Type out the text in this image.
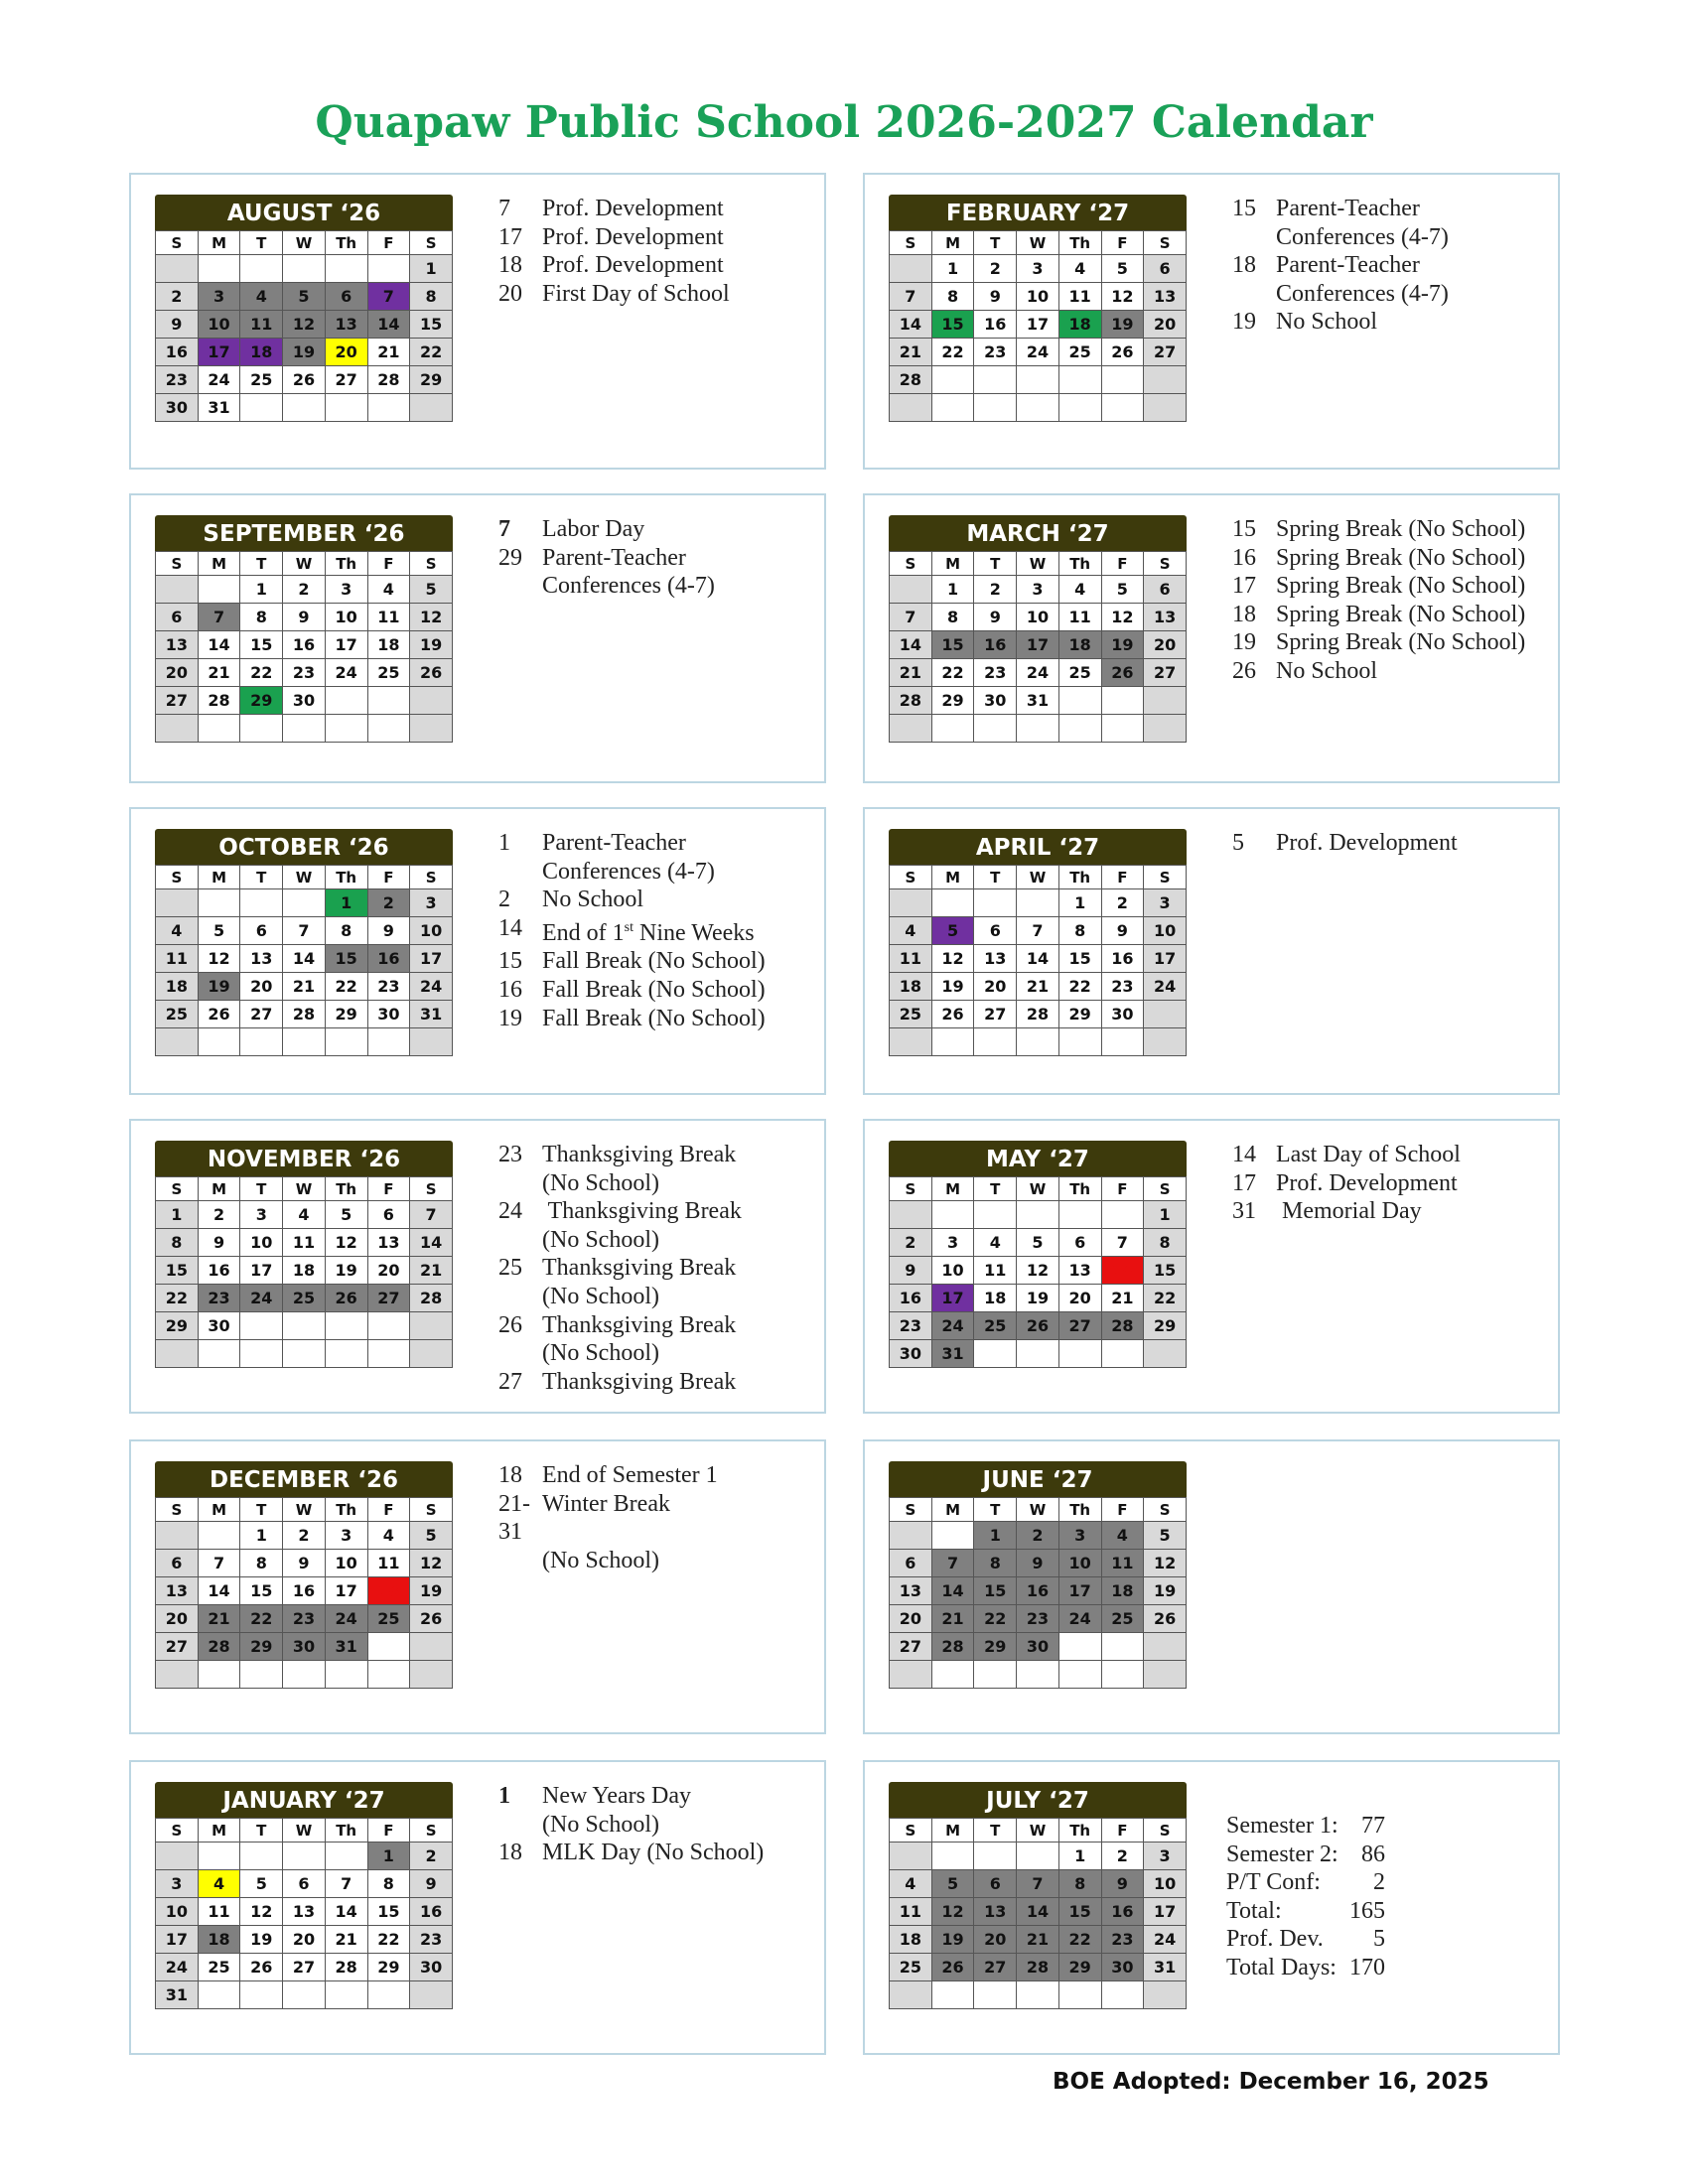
Quapaw Public School 2026-2027 Calendar
AUGUST ‘26
S	M	T	W	Th	F	S
						1
2	3	4	5	6	7	8
9	10	11	12	13	14	15
16	17	18	19	20	21	22
23	24	25	26	27	28	29
30	31					
7	Prof. Development
17 Prof. Development
18 Prof. Development
20 First Day of School
FEBRUARY ‘27
S	M	T	W	Th	F	S
	1	2	3	4	5	6
7	8	9	10	11	12	13
14	15	16	17	18	19	20
21	22	23	24	25	26	27
28						

15 Parent-Teacher
Conferences (4-7)
18 Parent-Teacher
Conferences (4-7)
19 No School
SEPTEMBER ‘26
S	M	T	W	Th	F	S
		1	2	3	4	5
6	7	8	9	10	11	12
13	14	15	16	17	18	19
20	21	22	23	24	25	26
27	28	29	30			

7	Labor Day
29 Parent-Teacher
Conferences (4-7)
MARCH ‘27
S	M	T	W	Th	F	S
	1	2	3	4	5	6
7	8	9	10	11	12	13
14	15	16	17	18	19	20
21	22	23	24	25	26	27
28	29	30	31			

15 Spring Break (No School)
16 Spring Break (No School)
17 Spring Break (No School)
18 Spring Break (No School)
19 Spring Break (No School)
26 No School
OCTOBER ‘26
S	M	T	W	Th	F	S
				1	2	3
4	5	6	7	8	9	10
11	12	13	14	15	16	17
18	19	20	21	22	23	24
25	26	27	28	29	30	31

1	Parent-Teacher
Conferences (4-7)
2	No School
14 End of 1st Nine Weeks
15 Fall Break (No School)
16 Fall Break (No School)
19 Fall Break (No School)
APRIL ‘27
S	M	T	W	Th	F	S
				1	2	3
4	5	6	7	8	9	10
11	12	13	14	15	16	17
18	19	20	21	22	23	24
25	26	27	28	29	30	

5	Prof. Development
NOVEMBER ‘26
S	M	T	W	Th	F	S
1	2	3	4	5	6	7
8	9	10	11	12	13	14
15	16	17	18	19	20	21
22	23	24	25	26	27	28
29	30					

23 Thanksgiving Break
(No School)
24 Thanksgiving Break
(No School)
25 Thanksgiving Break
(No School)
26 Thanksgiving Break
(No School)
27 Thanksgiving Break
MAY ‘27
S	M	T	W	Th	F	S
						1
2	3	4	5	6	7	8
9	10	11	12	13	14	15
16	17	18	19	20	21	22
23	24	25	26	27	28	29
30	31					
14 Last Day of School
17 Prof. Development
31 Memorial Day
DECEMBER ‘26
S	M	T	W	Th	F	S
		1	2	3	4	5
6	7	8	9	10	11	12
13	14	15	16	17	18	19
20	21	22	23	24	25	26
27	28	29	30	31		

18 End of Semester 1
21-31
Winter Break
(No School)
JUNE ‘27
S	M	T	W	Th	F	S
		1	2	3	4	5
6	7	8	9	10	11	12
13	14	15	16	17	18	19
20	21	22	23	24	25	26
27	28	29	30			

JANUARY ‘27
S	M	T	W	Th	F	S
					1	2
3	4	5	6	7	8	9
10	11	12	13	14	15	16
17	18	19	20	21	22	23
24	25	26	27	28	29	30
31						
1	New Years Day
(No School)
18 MLK Day (No School)
JULY ‘27
S	M	T	W	Th	F	S
				1	2	3
4	5	6	7	8	9	10
11	12	13	14	15	16	17
18	19	20	21	22	23	24
25	26	27	28	29	30	31

Semester 1: 77
Semester 2: 86
P/T Conf:	2
Total:	165
Prof. Dev.	5
Total Days: 170
BOE Adopted: December 16, 2025
